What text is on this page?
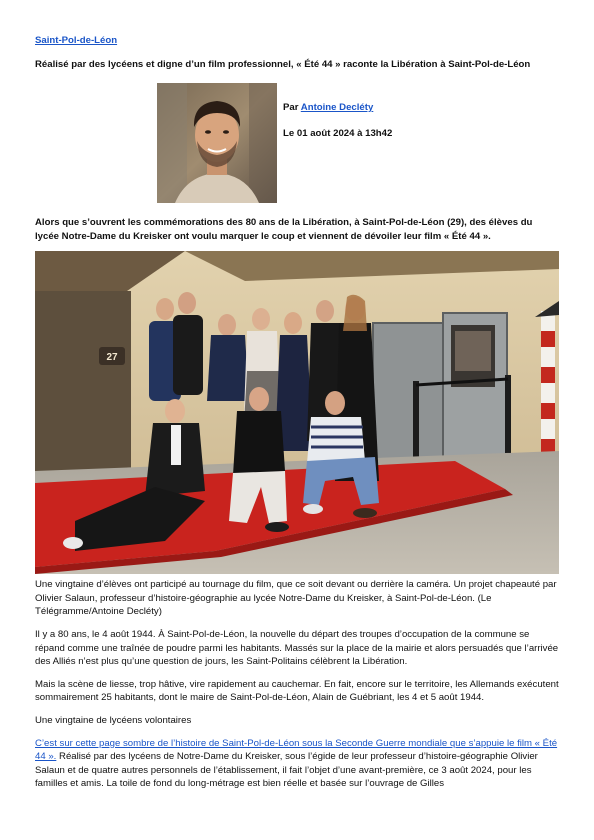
Saint-Pol-de-Léon
Réalisé par des lycéens et digne d’un film professionnel, « Été 44 » raconte la Libération à Saint-Pol-de-Léon
Par Antoine Decléty
Le 01 août 2024 à 13h42
Alors que s’ouvrent les commémorations des 80 ans de la Libération, à Saint-Pol-de-Léon (29), des élèves du lycée Notre-Dame du Kreisker ont voulu marquer le coup et viennent de dévoiler leur film « Été 44 ».
27
Une vingtaine d’élèves ont participé au tournage du film, que ce soit devant ou derrière la caméra. Un projet chapeauté par Olivier Salaun, professeur d’histoire-géographie au lycée Notre-Dame du Kreisker, à Saint-Pol-de-Léon. (Le Télégramme/Antoine Decléty)

Il y a 80 ans, le 4 août 1944. À Saint-Pol-de-Léon, la nouvelle du départ des troupes d’occupation de la commune se répand comme une traînée de poudre parmi les habitants. Massés sur la place de la mairie et alors persuadés que l’arrivée des Alliés n’est plus qu’une question de jours, les Saint-Politains célèbrent la Libération.

Mais la scène de liesse, trop hâtive, vire rapidement au cauchemar. En fait, encore sur le territoire, les Allemands exécutent sommairement 25 habitants, dont le maire de Saint-Pol-de-Léon, Alain de Guébriant, les 4 et 5 août 1944.

Une vingtaine de lycéens volontaires

C’est sur cette page sombre de l’histoire de Saint-Pol-de-Léon sous la Seconde Guerre mondiale que s’appuie le film « Été 44 ». Réalisé par des lycéens de Notre-Dame du Kreisker, sous l’égide de leur professeur d’histoire-géographie Olivier Salaun et de quatre autres personnels de l’établissement, il fait l’objet d’une avant-première, ce 3 août 2024, pour les familles et amis. La toile de fond du long-métrage est bien réelle et basée sur l’ouvrage de Gilles
